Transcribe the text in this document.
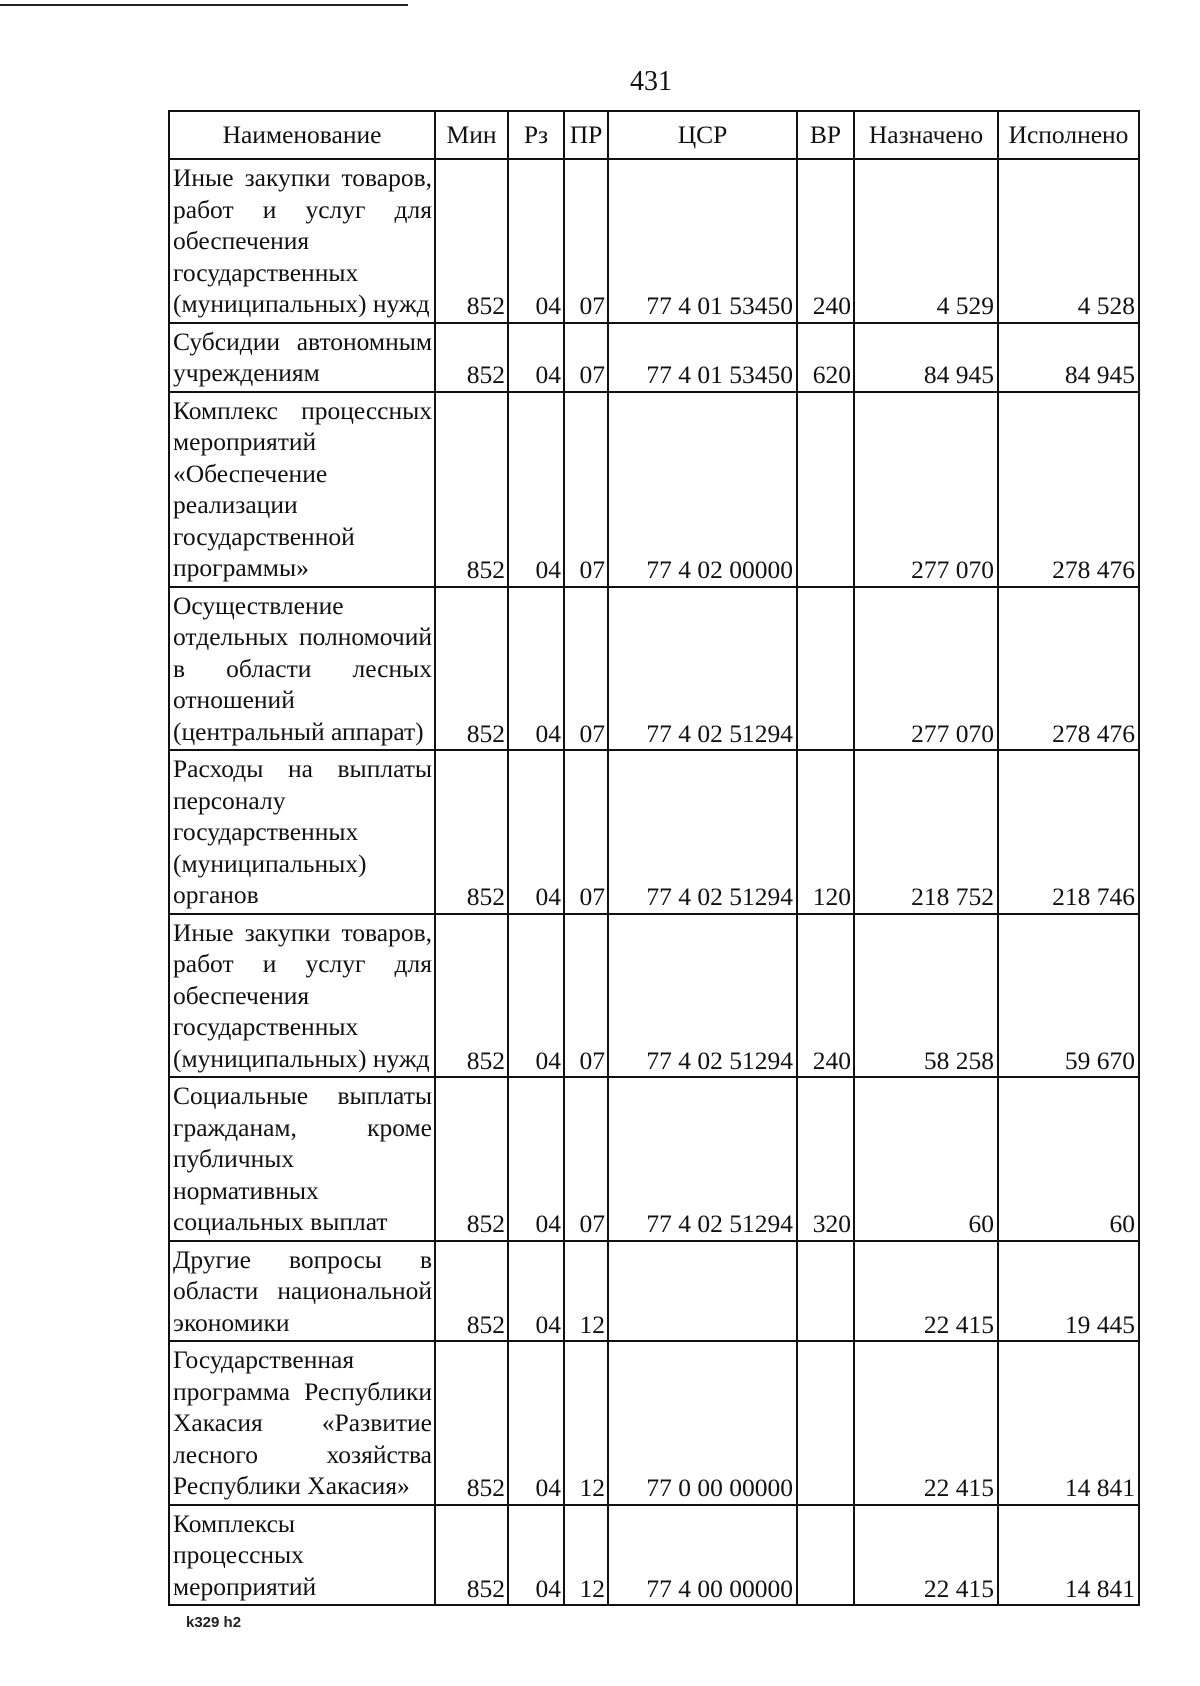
431
Наименование	Мин	Рз	ПР	ЦСР	ВР	Назначено	Исполнено
Иные закупки товаров, работ и услуг для обеспечения государственных (муниципальных) нужд	852	04	07	77 4 01 53450	240	4 529	4 528
Субсидии автономным учреждениям	852	04	07	77 4 01 53450	620	84 945	84 945
Комплекс процессных мероприятий «Обеспечение реализации государственной программы»	852	04	07	77 4 02 00000		277 070	278 476
Осуществление отдельных полномочий в области лесных отношений (центральный аппарат)	852	04	07	77 4 02 51294		277 070	278 476
Расходы на выплаты персоналу государственных (муниципальных) органов	852	04	07	77 4 02 51294	120	218 752	218 746
Иные закупки товаров, работ и услуг для обеспечения государственных (муниципальных) нужд	852	04	07	77 4 02 51294	240	58 258	59 670
Социальные выплаты гражданам, кроме публичных нормативных социальных выплат	852	04	07	77 4 02 51294	320	60	60
Другие вопросы в области национальной экономики	852	04	12			22 415	19 445
Государственная программа Республики Хакасия «Развитие лесного хозяйства Республики Хакасия»	852	04	12	77 0 00 00000		22 415	14 841
Комплексы процессных мероприятий	852	04	12	77 4 00 00000		22 415	14 841
k329 h2
